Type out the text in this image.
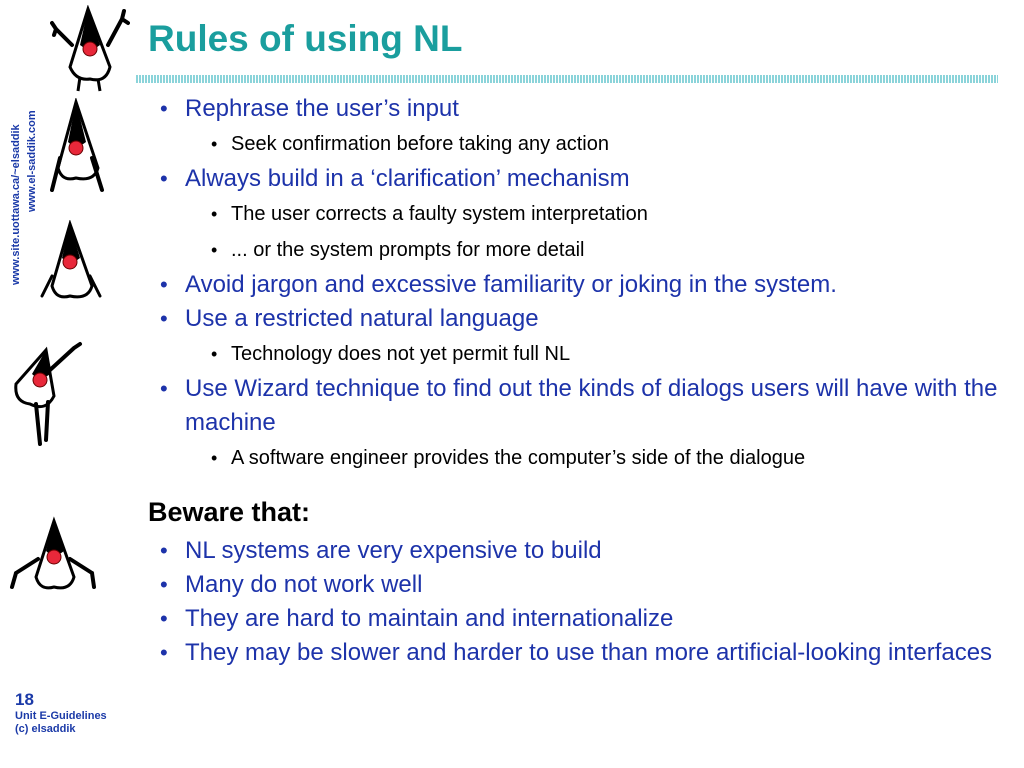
Rules of using NL
www.site.uottawa.ca/~elsaddik www.el-saddik.com
• Rephrase the user’s input
• Seek confirmation before taking any action
• Always build in a ‘clarification’ mechanism
• The user corrects a faulty system interpretation
• ... or the system prompts for more detail
• Avoid jargon and excessive familiarity or joking in the system.
• Use a restricted natural language
• Technology does not yet permit full NL
• Use Wizard technique to find out the kinds of dialogs users will have with the machine
• A software engineer provides the computer’s side of the dialogue
Beware that:
• NL systems are very expensive to build
• Many do not work well
• They are hard to maintain and internationalize
• They may be slower and harder to use than more artificial-looking interfaces
18
Unit E-Guidelines
(c) elsaddik
